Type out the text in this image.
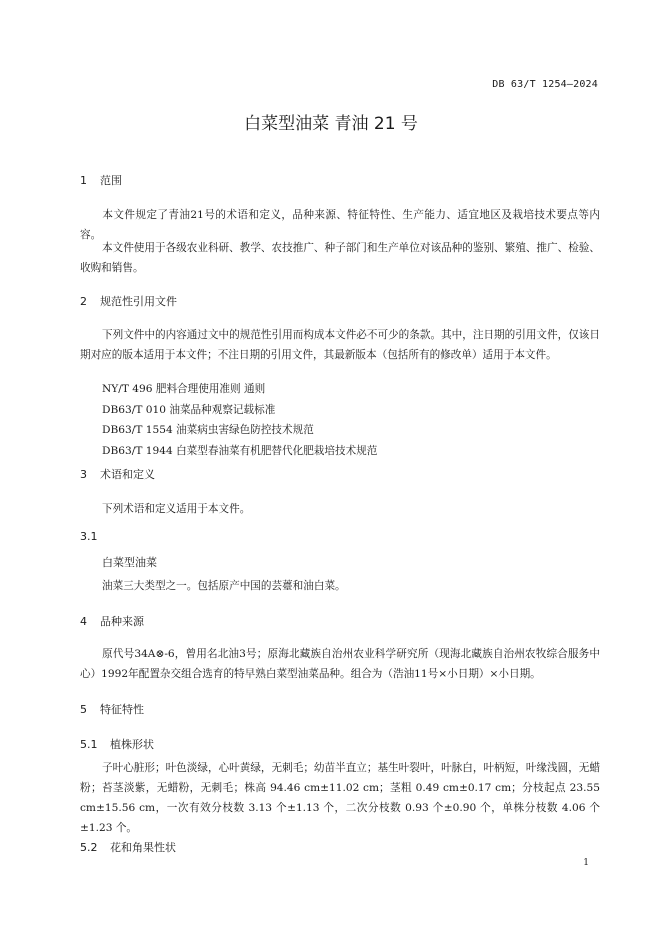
DB 63/T 1254—2024
白菜型油菜 青油 21 号
1 范围
本文件规定了青油21号的术语和定义，品种来源、特征特性、生产能力、适宜地区及栽培技术要点等内容。
本文件使用于各级农业科研、教学、农技推广、种子部门和生产单位对该品种的鉴别、繁殖、推广、检验、收购和销售。
2 规范性引用文件
下列文件中的内容通过文中的规范性引用而构成本文件必不可少的条款。其中，注日期的引用文件，仅该日期对应的版本适用于本文件；不注日期的引用文件，其最新版本（包括所有的修改单）适用于本文件。
NY/T 496 肥料合理使用准则 通则
DB63/T 010 油菜品种观察记载标准
DB63/T 1554 油菜病虫害绿色防控技术规范
DB63/T 1944 白菜型春油菜有机肥替代化肥栽培技术规范
3 术语和定义
下列术语和定义适用于本文件。
3.1
白菜型油菜
油菜三大类型之一。包括原产中国的芸薹和油白菜。
4 品种来源
原代号34A⊗-6，曾用名北油3号；原海北藏族自治州农业科学研究所（现海北藏族自治州农牧综合服务中心）1992年配置杂交组合选育的特早熟白菜型油菜品种。组合为（浩油11号×小日期）×小日期。
5 特征特性
5.1 植株形状
子叶心脏形；叶色淡绿，心叶黄绿，无刺毛；幼苗半直立；基生叶裂叶，叶脉白，叶柄短，叶缘浅圆，无蜡粉；苔茎淡紫，无蜡粉，无刺毛；株高 94.46 cm±11.02 cm；茎粗 0.49 cm±0.17 cm；分枝起点 23.55 cm±15.56 cm，一次有效分枝数 3.13 个±1.13 个，二次分枝数 0.93 个±0.90 个，单株分枝数 4.06 个±1.23 个。
5.2 花和角果性状
1
